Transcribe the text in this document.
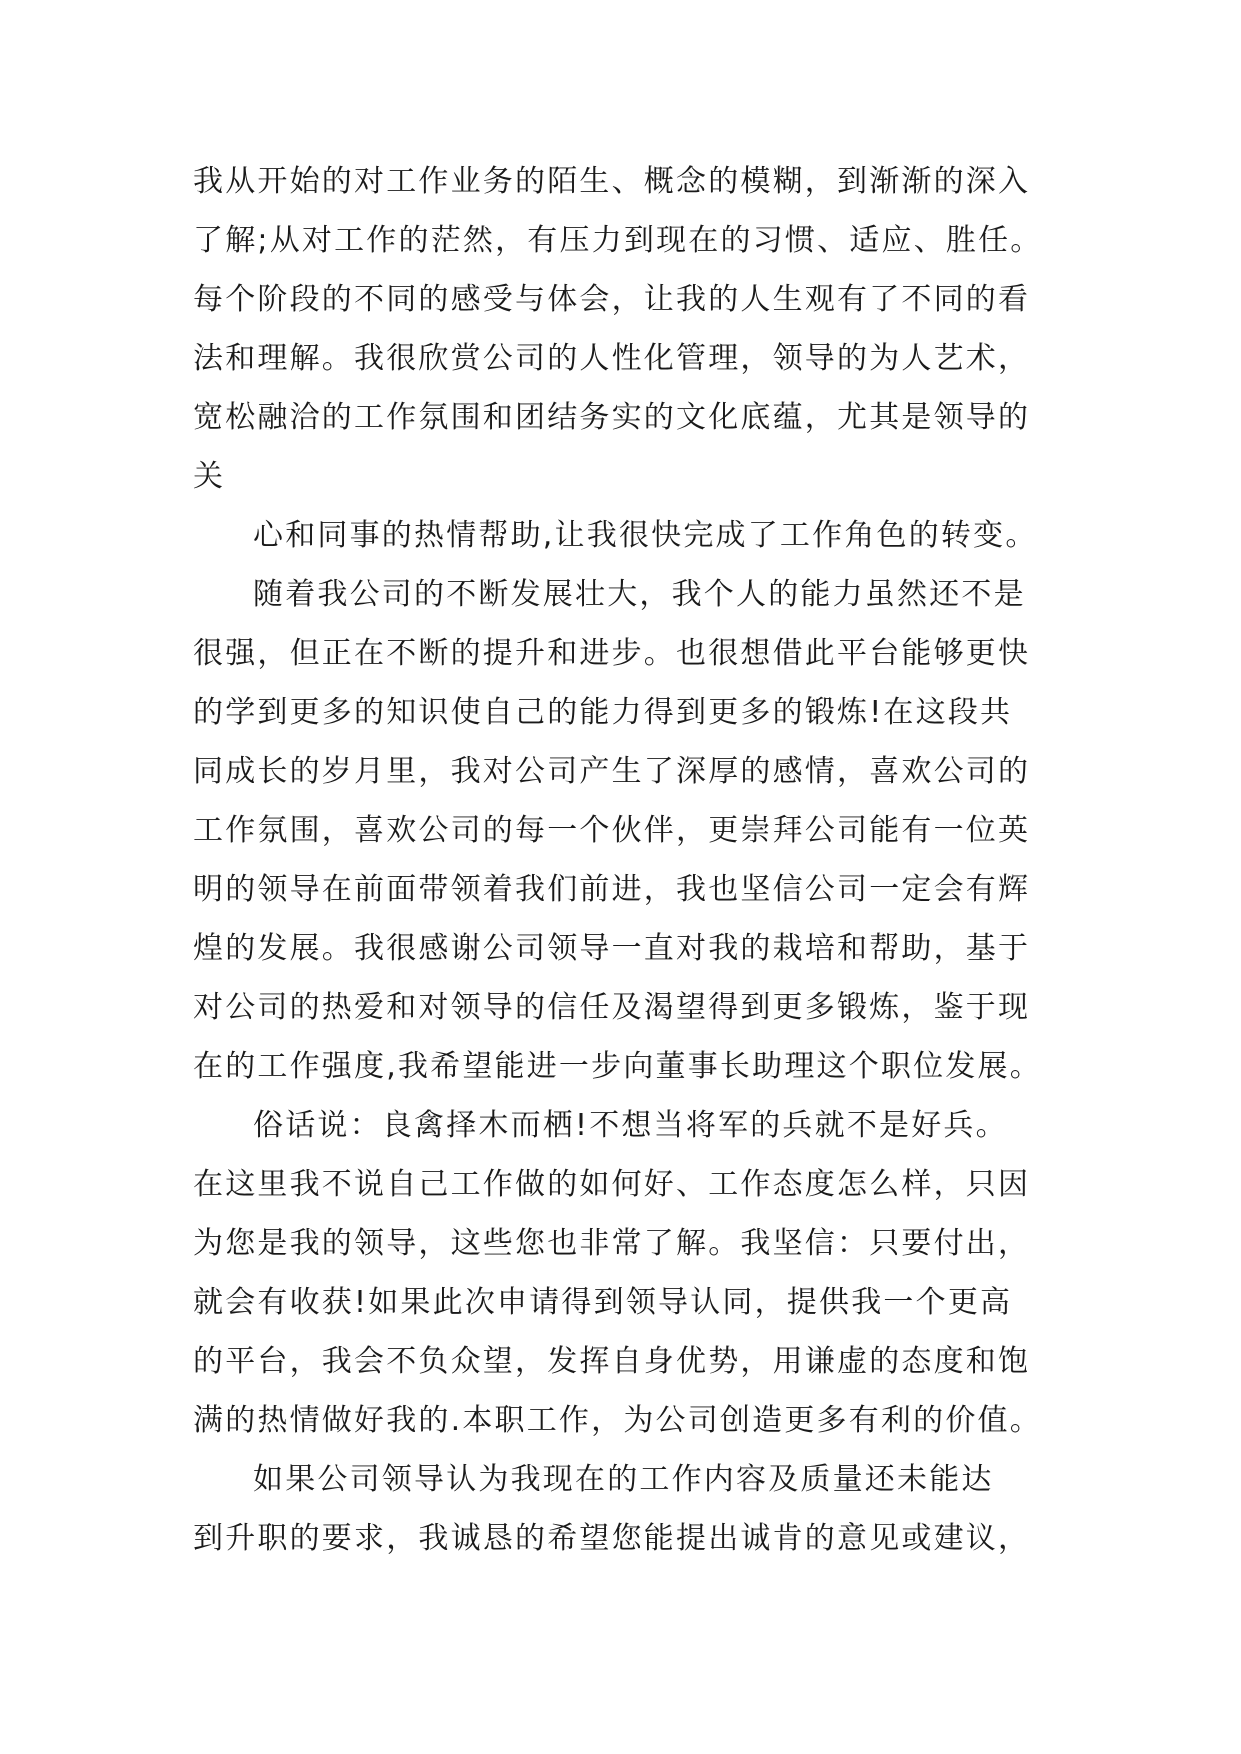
我从开始的对工作业务的陌生、概念的模糊，到渐渐的深入
了解;从对工作的茫然，有压力到现在的习惯、适应、胜任。
每个阶段的不同的感受与体会，让我的人生观有了不同的看
法和理解。我很欣赏公司的人性化管理，领导的为人艺术，
宽松融洽的工作氛围和团结务实的文化底蕴，尤其是领导的
关
心和同事的热情帮助,让我很快完成了工作角色的转变。
随着我公司的不断发展壮大，我个人的能力虽然还不是
很强，但正在不断的提升和进步。也很想借此平台能够更快
的学到更多的知识使自己的能力得到更多的锻炼!在这段共
同成长的岁月里，我对公司产生了深厚的感情，喜欢公司的
工作氛围，喜欢公司的每一个伙伴，更崇拜公司能有一位英
明的领导在前面带领着我们前进，我也坚信公司一定会有辉
煌的发展。我很感谢公司领导一直对我的栽培和帮助，基于
对公司的热爱和对领导的信任及渴望得到更多锻炼，鉴于现
在的工作强度,我希望能进一步向董事长助理这个职位发展。
俗话说：良禽择木而栖!不想当将军的兵就不是好兵。
在这里我不说自己工作做的如何好、工作态度怎么样，只因
为您是我的领导，这些您也非常了解。我坚信：只要付出，
就会有收获!如果此次申请得到领导认同，提供我一个更高
的平台，我会不负众望，发挥自身优势，用谦虚的态度和饱
满的热情做好我的.本职工作，为公司创造更多有利的价值。
如果公司领导认为我现在的工作内容及质量还未能达
到升职的要求，我诚恳的希望您能提出诚肯的意见或建议，
